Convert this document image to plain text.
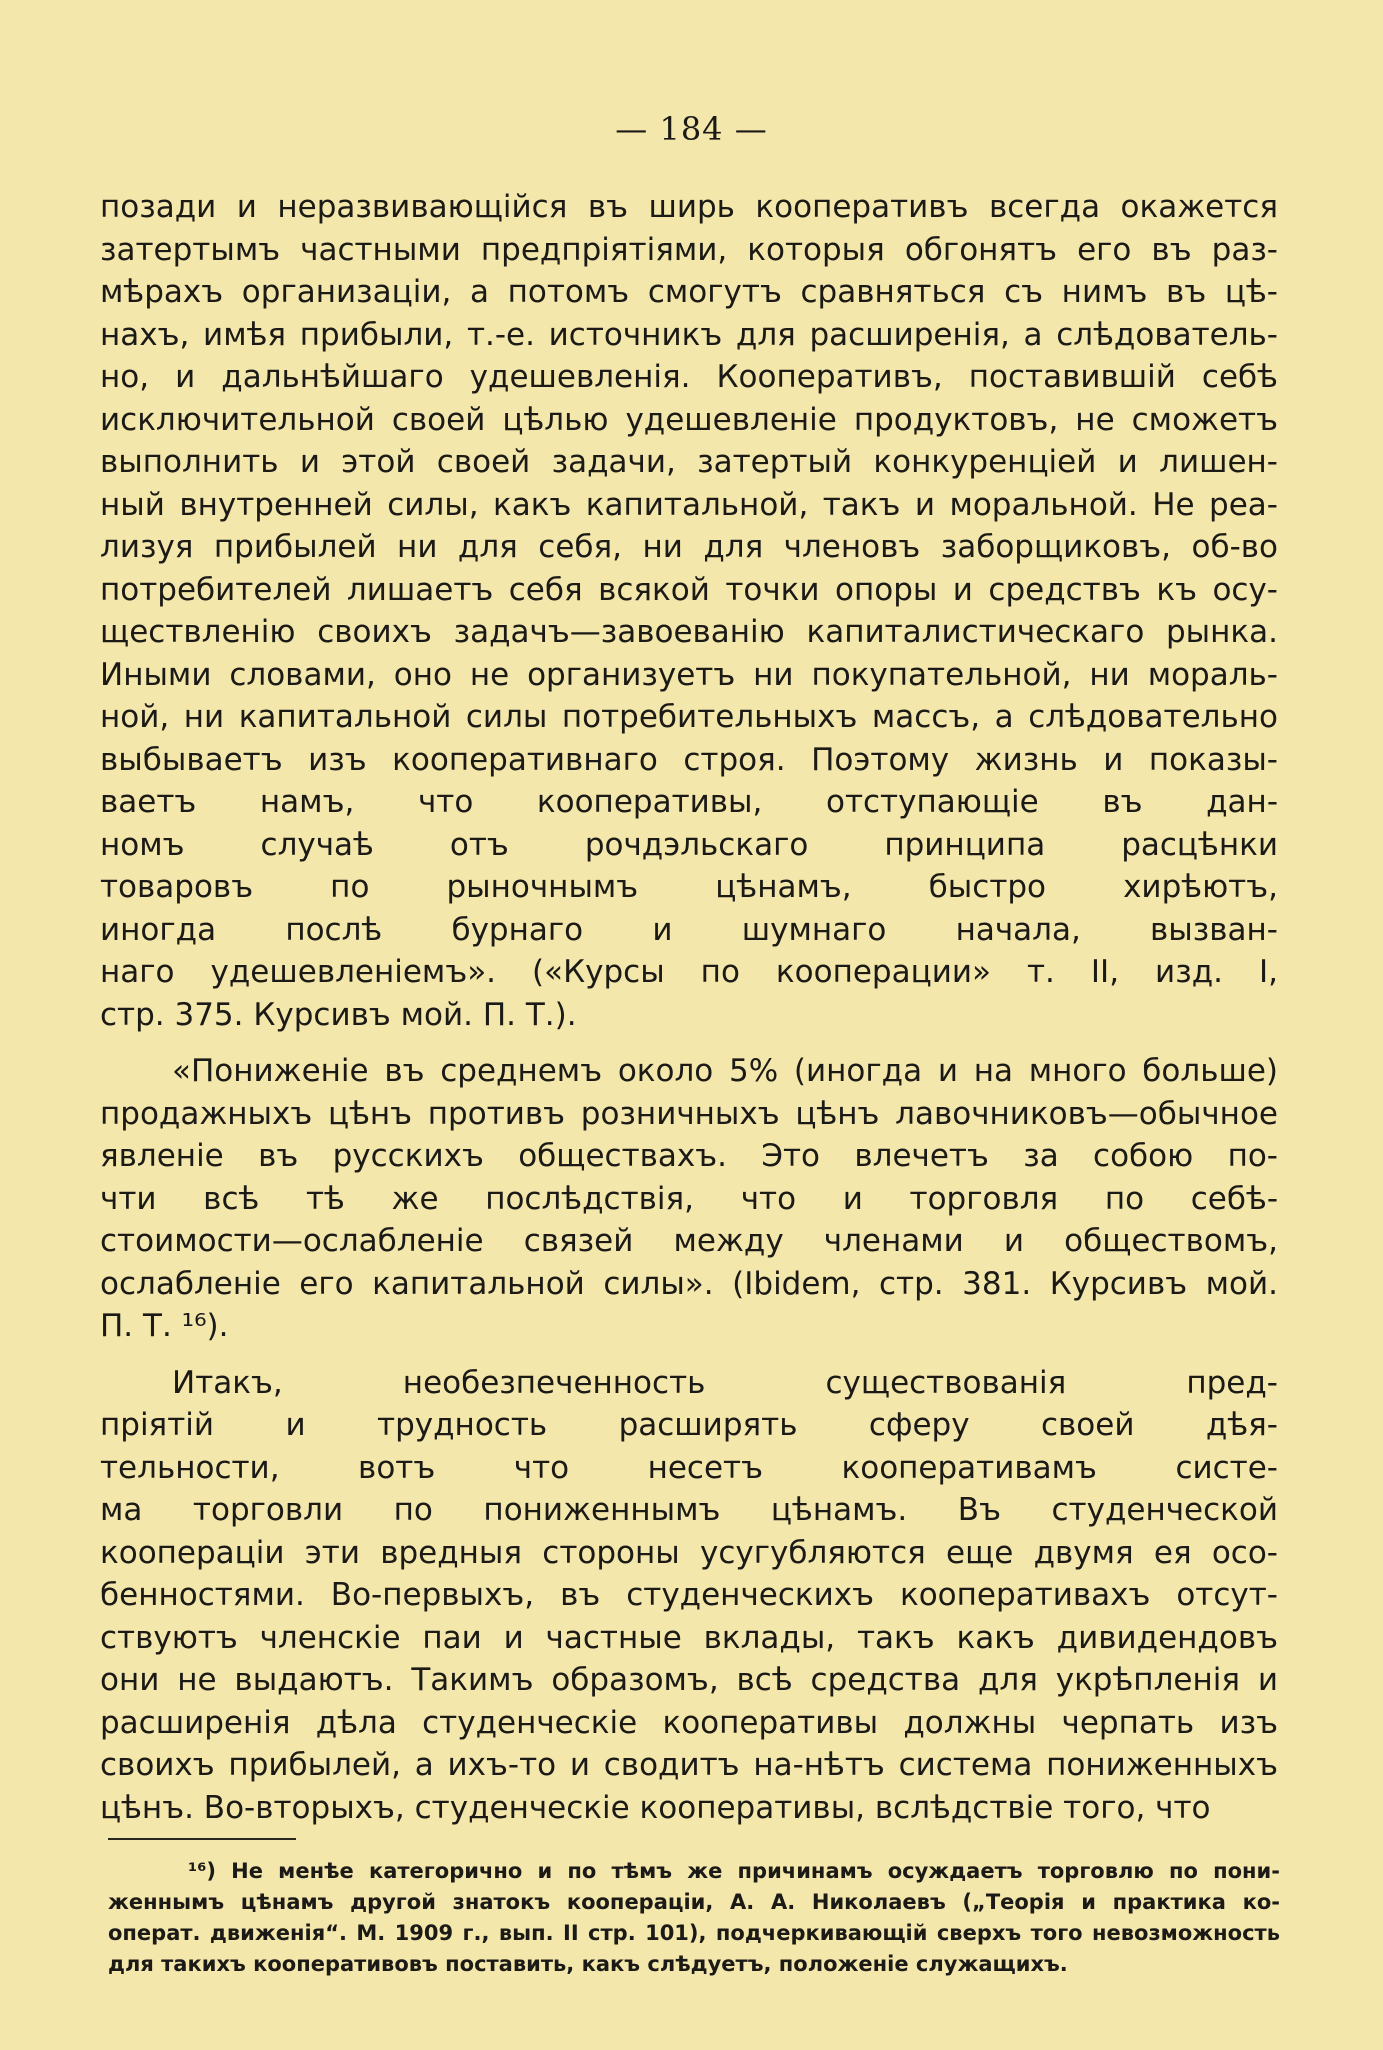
— 184 —
позади и неразвивающійся въ ширь кооперативъ всегда окажется
затертымъ частными предпріятіями, которыя обгонятъ его въ раз-
мѣрахъ организаціи, а потомъ смогутъ сравняться съ нимъ въ цѣ-
нахъ, имѣя прибыли, т.-е. источникъ для расширенія, а слѣдователь-
но, и дальнѣйшаго удешевленія. Кооперативъ, поставившій себѣ
исключительной своей цѣлью удешевленіе продуктовъ, не сможетъ
выполнить и этой своей задачи, затертый конкуренціей и лишен-
ный внутренней силы, какъ капитальной, такъ и моральной. Не реа-
лизуя прибылей ни для себя, ни для членовъ заборщиковъ, об-во
потребителей лишаетъ себя всякой точки опоры и средствъ къ осу-
ществленію своихъ задачъ—завоеванію капиталистическаго рынка.
Иными словами, оно не организуетъ ни покупательной, ни мораль-
ной, ни капитальной силы потребительныхъ массъ, а слѣдовательно
выбываетъ изъ кооперативнаго строя. Поэтому жизнь и показы-
ваетъ намъ, что кооперативы, отступающіе въ дан-
номъ случаѣ отъ рочдэльскаго принципа расцѣнки
товаровъ по рыночнымъ цѣнамъ, быстро хирѣютъ,
иногда послѣ бурнаго и шумнаго начала, вызван-
наго удешевленіемъ». («Курсы по кооперации» т. II, изд. I,
стр. 375. Курсивъ мой. П. Т.).
«Пониженіе въ среднемъ около 5% (иногда и на много больше)
продажныхъ цѣнъ противъ розничныхъ цѣнъ лавочниковъ—обычное
явленіе въ русскихъ обществахъ. Это влечетъ за собою по-
чти всѣ тѣ же послѣдствія, что и торговля по себѣ-
стоимости—ослабленіе связей между членами и обществомъ,
ослабленіе его капитальной силы». (Ibidem, стр. 381. Курсивъ мой.
П. Т. ¹⁶).
Итакъ, необезпеченность существованія пред-
пріятій и трудность расширять сферу своей дѣя-
тельности, вотъ что несетъ кооперативамъ систе-
ма торговли по пониженнымъ цѣнамъ. Въ студенческой
коопераціи эти вредныя стороны усугубляются еще двумя ея осо-
бенностями. Во-первыхъ, въ студенческихъ кооперативахъ отсут-
ствуютъ членскіе паи и частные вклады, такъ какъ дивидендовъ
они не выдаютъ. Такимъ образомъ, всѣ средства для укрѣпленія и
расширенія дѣла студенческіе кооперативы должны черпать изъ
своихъ прибылей, а ихъ-то и сводитъ на-нѣтъ система пониженныхъ
цѣнъ. Во-вторыхъ, студенческіе кооперативы, вслѣдствіе того, что
¹⁶) Не менѣе категорично и по тѣмъ же причинамъ осуждаетъ торговлю по пони-
женнымъ цѣнамъ другой знатокъ коопераціи, А. А. Николаевъ („Теорія и практика ко-
операт. движенія“. М. 1909 г., вып. II стр. 101), подчеркивающій сверхъ того невозможность
для такихъ кооперативовъ поставить, какъ слѣдуетъ, положеніе служащихъ.
